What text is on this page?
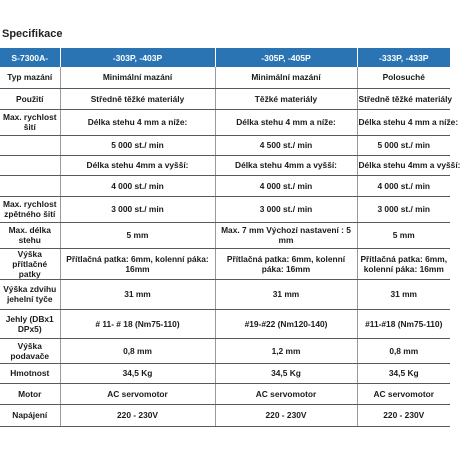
Specifikace
S-7300A-	-303P, -403P	-305P, -405P	-333P, -433P
Typ mazání	Minimální mazání	Minimální mazání	Polosuché
Použití	Středně těžké materiály	Těžké materiály	Středně těžké materiály
Max. rychlost šití	Délka stehu 4 mm a níže:	Délka stehu 4 mm a níže:	Délka stehu 4 mm a níže:
	5 000 st./ min	4 500 st./ min	5 000 st./ min
	Délka stehu 4mm a vyšší:	Délka stehu 4mm a vyšší:	Délka stehu 4mm a vyšší:
	4 000 st./ min	4 000 st./ min	4 000 st./ min
Max. rychlost zpětného šití	3 000 st./ min	3 000 st./ min	3 000 st./ min
Max. délka stehu	5 mm	Max. 7 mm Výchozí nastavení : 5 mm	5 mm
Výška přítlačné patky	Přítlačná patka: 6mm, kolenní páka: 16mm	Přítlačná patka: 6mm, kolenní páka: 16mm	Přítlačná patka: 6mm, kolenní páka: 16mm
Výška zdvihu jehelní tyče	31 mm	31 mm	31 mm
Jehly (DBx1 DPx5)	# 11- # 18 (Nm75-110)	#19-#22 (Nm120-140)	#11-#18 (Nm75-110)
Výška podavače	0,8 mm	1,2 mm	0,8 mm
Hmotnost	34,5 Kg	34,5 Kg	34,5 Kg
Motor	AC servomotor	AC servomotor	AC servomotor
Napájení	220 - 230V	220 - 230V	220 - 230V
